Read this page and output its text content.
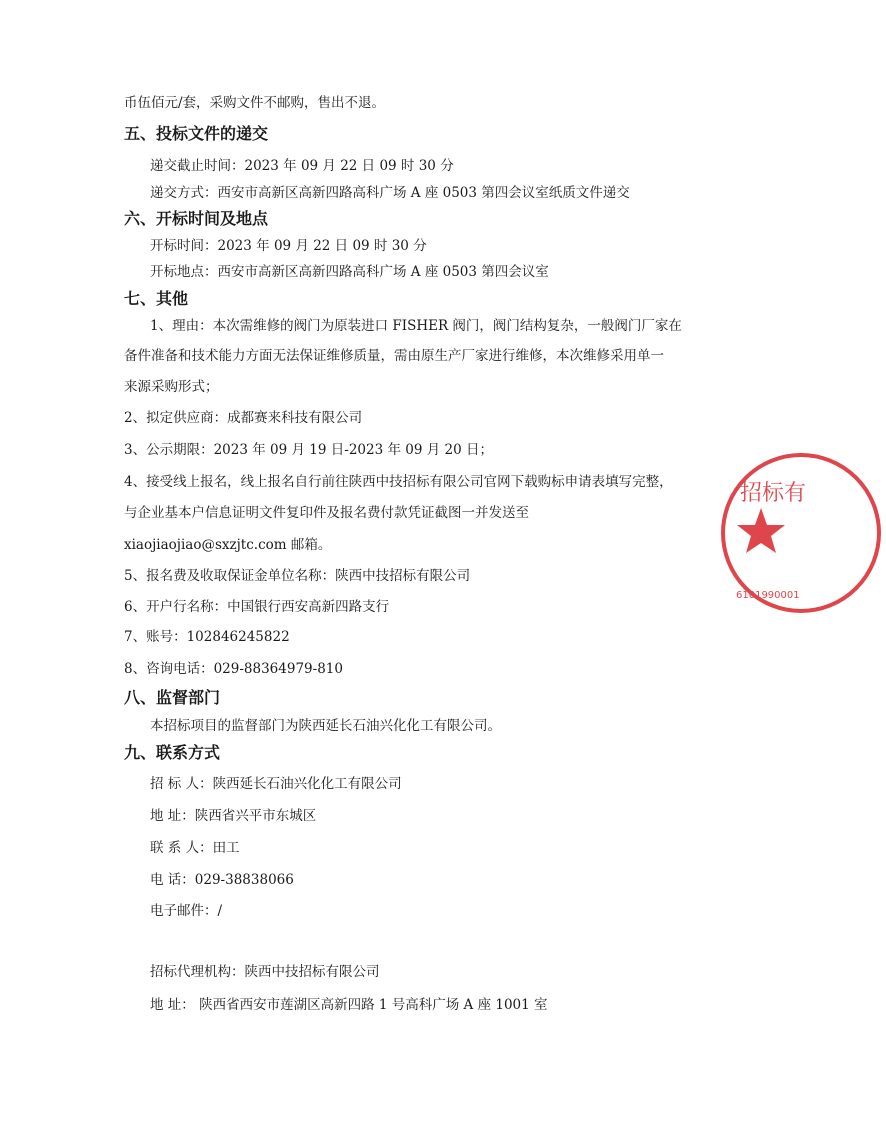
币伍佰元/套，采购文件不邮购，售出不退。
五、投标文件的递交
递交截止时间：2023 年 09 月 22 日 09 时 30 分
递交方式：西安市高新区高新四路高科广场 A 座 0503 第四会议室纸质文件递交
六、开标时间及地点
开标时间：2023 年 09 月 22 日 09 时 30 分
开标地点：西安市高新区高新四路高科广场 A 座 0503 第四会议室
七、其他
1、理由：本次需维修的阀门为原装进口 FISHER 阀门，阀门结构复杂，一般阀门厂家在
备件准备和技术能力方面无法保证维修质量，需由原生产厂家进行维修，本次维修采用单一
来源采购形式；
2、拟定供应商：成都赛来科技有限公司
3、公示期限：2023 年 09 月 19 日-2023 年 09 月 20 日；
4、接受线上报名，线上报名自行前往陕西中技招标有限公司官网下载购标申请表填写完整，
与企业基本户信息证明文件复印件及报名费付款凭证截图一并发送至
xiaojiaojiao@sxzjtc.com 邮箱。
5、报名费及收取保证金单位名称：陕西中技招标有限公司
6、开户行名称：中国银行西安高新四路支行
7、账号：102846245822
8、咨询电话：029-88364979-810
八、监督部门
本招标项目的监督部门为陕西延长石油兴化化工有限公司。
九、联系方式
招 标 人：陕西延长石油兴化化工有限公司
地 址：陕西省兴平市东城区
联 系 人：田工
电 话：029-38838066
电子邮件：/
招标代理机构：陕西中技招标有限公司
地 址： 陕西省西安市莲湖区高新四路 1 号高科广场 A 座 1001 室
招标有
6101990001
